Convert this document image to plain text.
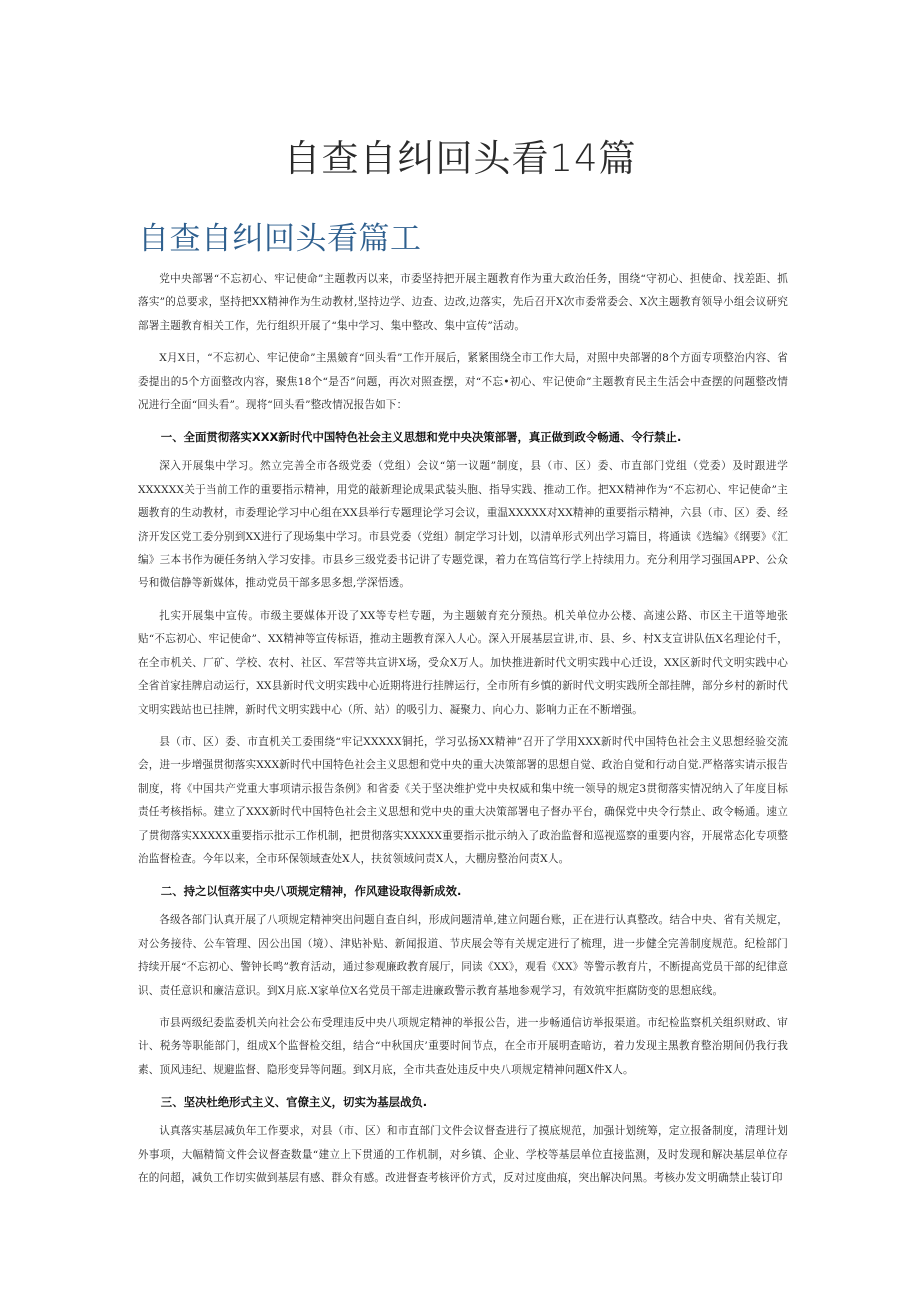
自查自纠回头看14篇
自查自纠回头看篇工

党中央部署“不忘初心、牢记使命”主题教丙以来，市委坚持把开展主题教育作为重大政治任务，围绕“守初心、担使命、找差距、抓落实”的总要求，坚持把XX精神作为生动教材,坚持边学、边查、边改,边落实，先后召开X次市委常委会、X次主题教育领导小组会议研究部署主题教育相关工作，先行组织开展了“集中学习、集中整改、集中宣传”活动。

X月X日，“不忘初心、牢记使命”主黑皴育“回头看”工作开展后，紧紧围绕全市工作大局，对照中央部署的8个方面专项整治内容、省委提出的5个方面整改内容，聚焦18个“是否”问题，再次对照查摆，对“不忘•初心、牢记使命”主题教育民主生活会中查摆的问题整改情况进行全面“回头看”。现将“回头看”整改情况报告如下：

一、全面贯彻落实XXX新时代中国特色社会主义思想和党中央决策部署，真正做到政令畅通、令行禁止.

深入开展集中学习。然立完善全市各级党委（党组）会议“第一议题”制度，县（市、区）委、市直部门党组（党委）及时跟进学XXXXXX关于当前工作的重要指示精神，用党的敲新理论成果武装头胞、指导实践、推动工作。把XX精神作为“不忘初心、牢记使命”主题教育的生动教材，市委理论学习中心组在XX县举行专题理论学习会议，重温XXXXX对XX精神的重要指示精神，六县（市、区）委、经济开发区党工委分别到XX进行了现场集中学习。市县党委（党组）制定学习计划，以清单形式列出学习篇目，将通读《选编》《纲要》《汇编》三本书作为硬任务纳入学习安排。市县乡三级党委书记讲了专题党课，着力在笃信笃行学上持续用力。充分利用学习强国APP、公众号和微信静等新媒体，推动党员干部多思多想,学深悟透。

扎实开展集中宣传。市级主要媒体开设了XX等专栏专题，为主题皴育充分预热。机关单位办公楼、高速公路、市区主干道等地张贴“不忘初心、牢记使命”、XX精神等宣传标语，推动主题教育深入人心。深入开展基层宣讲,市、县、乡、村X支宣讲队伍X名理论付千，在全市机关、厂矿、学校、农村、社区、军营等共宣讲X场，受众X万人。加快推进新时代文明实践中心迁设，XX区新时代文明实践中心全省首家挂牌启动运行，XX县新时代文明实践中心近期将进行挂牌运行，全市所有乡慎的新时代文明实践所全部挂牌，部分乡村的新时代文明实践站也已挂牌，新时代文明实践中心（所、站）的吸引力、凝聚力、向心力、影响力正在不断增强。

县（市、区）委、市直机关工委围绕“牢记XXXXX铜托，学习弘扬XX精神”召开了学用XXX新时代中国特色社会主义思想经验交流会，进一步增强贯彻落实XXX新时代中国特色社会主义思想和党中央的重大决策部署的思想自觉、政治自觉和行动自觉.严格落实请示报告制度，将《中国共产党重大事项请示报告条例》和省委《关于坚决维护党中央权威和集中统一领导的规定3贯彻落实情况纳入了年度目标责任考核指标。建立了XXX新时代中国特色社会主义思想和党中央的重大决策部署电子督办平台，确保党中央令行禁止、政令畅通。速立了贯彻落实XXXXX重要指示批示工作机制，把贯彻落实XXXXX重要指示批示纳入了政治监督和巡视巡察的重要内容，开展常态化专项整治监督检查。今年以来，全市环保领域查处X人，扶贫领域问责X人，大棚房整治问责X人。

二、持之以恒落实中央八项规定精神，作风建设取得新成效.

各级各部门认真开展了八项规定精神突出问题自查自纠，形成问题清单,建立问题台账，正在进行认真整改。结合中央、省有关规定，对公务接待、公车管理、因公出国（境）、津贴补贴、新闻报道、节庆展会等有关规定进行了梳理，进一步健全完善制度规范。纪检部门持续开展“不忘初心、警钟长鸣”教育活动，通过参观廉政教育展厅，同读《XX》，观看《XX》等警示教育片，不断提高党员干部的纪律意识、责任意识和廉洁意识。到X月底.X家单位X名党员干部走进廉政警示教育基地参观学习，有效筑牢拒腐防变的思想底线。

市县两级纪委监委机关向社会公布受理违反中央八项规定精神的举报公告，进一步畅通信访举报渠道。市纪检监察机关组织财政、审计、税务等职能部门，组成X个监督检交组，结合“中秋国庆’重要时间节点，在全市开展明查暗访，着力发现主黑教育整治期间仍我行我素、顶风违纪、规避监督、隐形变异等问题。到X月底，全市共查处违反中央八项规定精神问题X件X人。

三、坚决杜绝形式主义、官僚主义，切实为基层战负.

认真落实基层减负年工作要求，对县（市、区）和市直部门文件会议督查进行了摸底规范，加强计划统筹，定立报备制度，清理计划外事项，大幅精简文件会议督查数量“建立上下贯通的工作机制，对乡镇、企业、学校等基层单位直接监测，及时发现和解决基层单位存在的问超，减负工作切实做到基层有感、群众有感。改进督查考核评价方式，反对过度曲痕，突出解决问黑。考核办发文明确禁止装订印
